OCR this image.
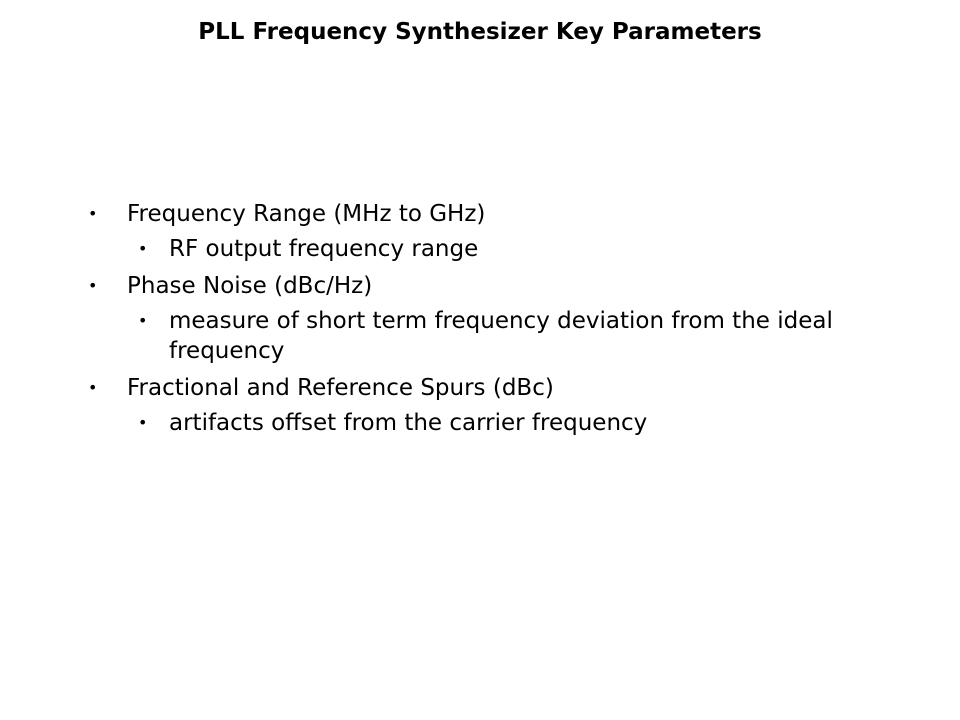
PLL Frequency Synthesizer Key Parameters
• Frequency Range (MHz to GHz)
• RF output frequency range
• Phase Noise (dBc/Hz)
• measure of short term frequency deviation from the ideal frequency
• Fractional and Reference Spurs (dBc)
• artifacts offset from the carrier frequency
